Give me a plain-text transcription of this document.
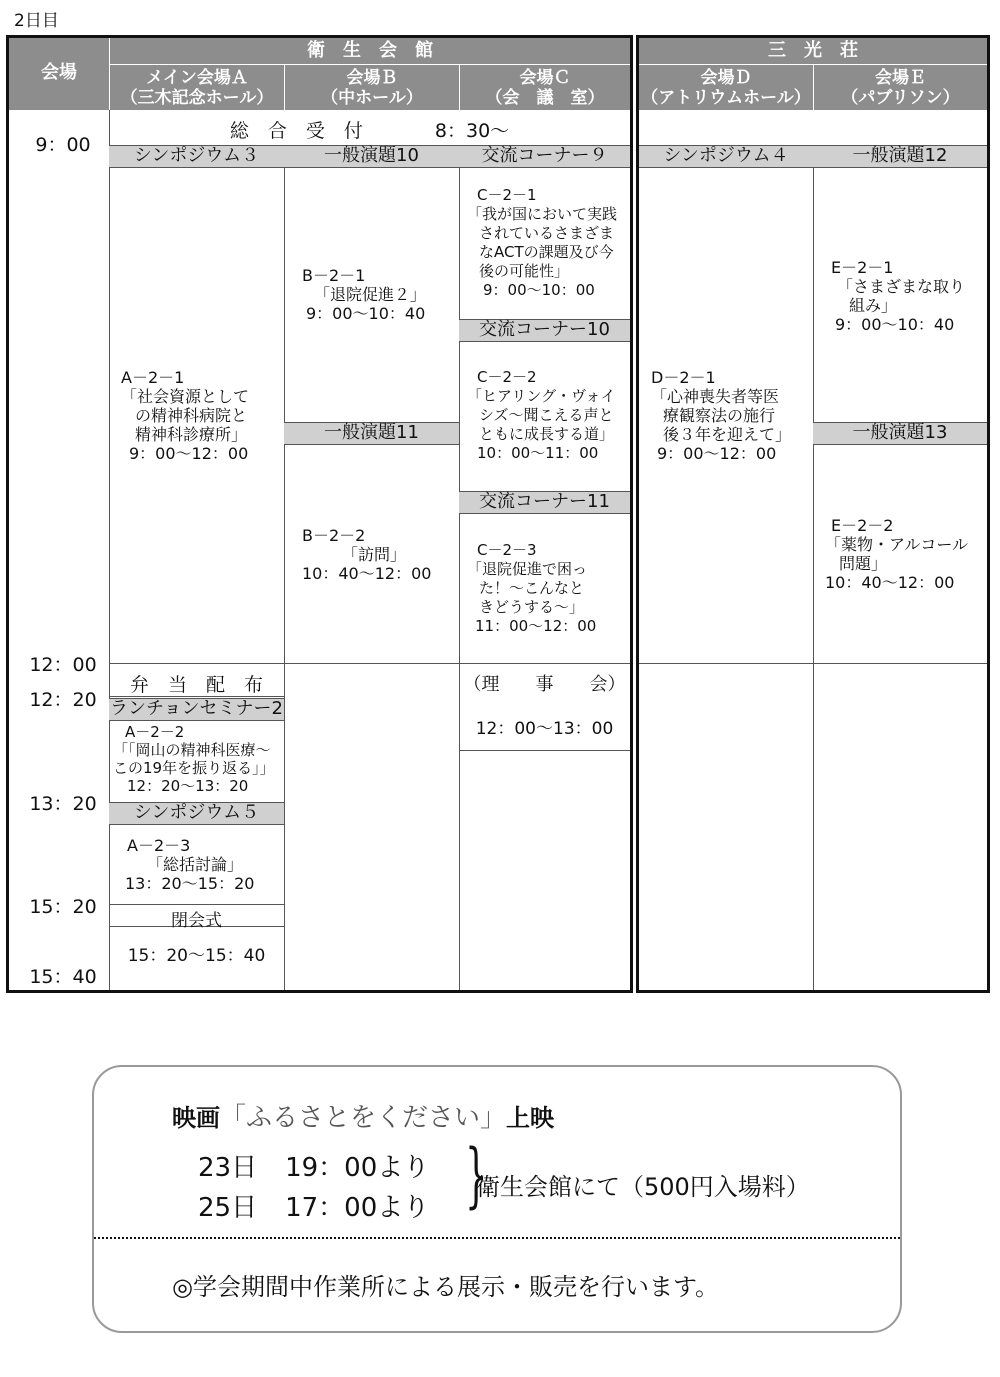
2日目
会場
衛　生　会　館
メイン会場Ａ
（三木記念ホール）
会場Ｂ
（中ホール）
会場Ｃ
（会　議　室）
総　合　受　付	8：30～
シンポジウム３
A－2－1
「社会資源として
の精神科病院と
精神科診療所」
9：00～12：00
弁　当　配　布
ランチョンセミナー2
A－2－2
「「岡山の精神科医療～
この19年を振り返る」」
12：20～13：20
シンポジウム５
A－2－3
「総括討論」
13：20～15：20
閉会式
15：20～15：40
一般演題10
B－2－1
「退院促進２」
9：00～10：40
一般演題11
B－2－2
「訪問」
10：40～12：00
交流コーナー９
C－2－1
「我が国において実践
されているさまざま
なACTの課題及び今
後の可能性」
9：00～10：00
交流コーナー10
C－2－2
「ヒアリング・ヴォイ
シズ～聞こえる声と
ともに成長する道」
10：00～11：00
交流コーナー11
C－2－3
「退院促進で困っ
た！～こんなと
きどうする～」
11：00～12：00
（理　　事　　会）
12：00～13：00
9：00
12：00
12：20
13：20
15：20
15：40
三　光　荘
会場Ｄ
（アトリウムホール）
会場Ｅ
（パブリソン）
シンポジウム４
D－2－1
「心神喪失者等医
療観察法の施行
後３年を迎えて」
9：00～12：00
一般演題12
E－2－1
「さまざまな取り
組み」
9：00～10：40
一般演題13
E－2－2
「薬物・アルコール
問題」
10：40～12：00
映画「ふるさとをください」上映
23日 19：00より
25日 17：00より }
衛生会館にて（500円入場料）
◎学会期間中作業所による展示・販売を行います。
